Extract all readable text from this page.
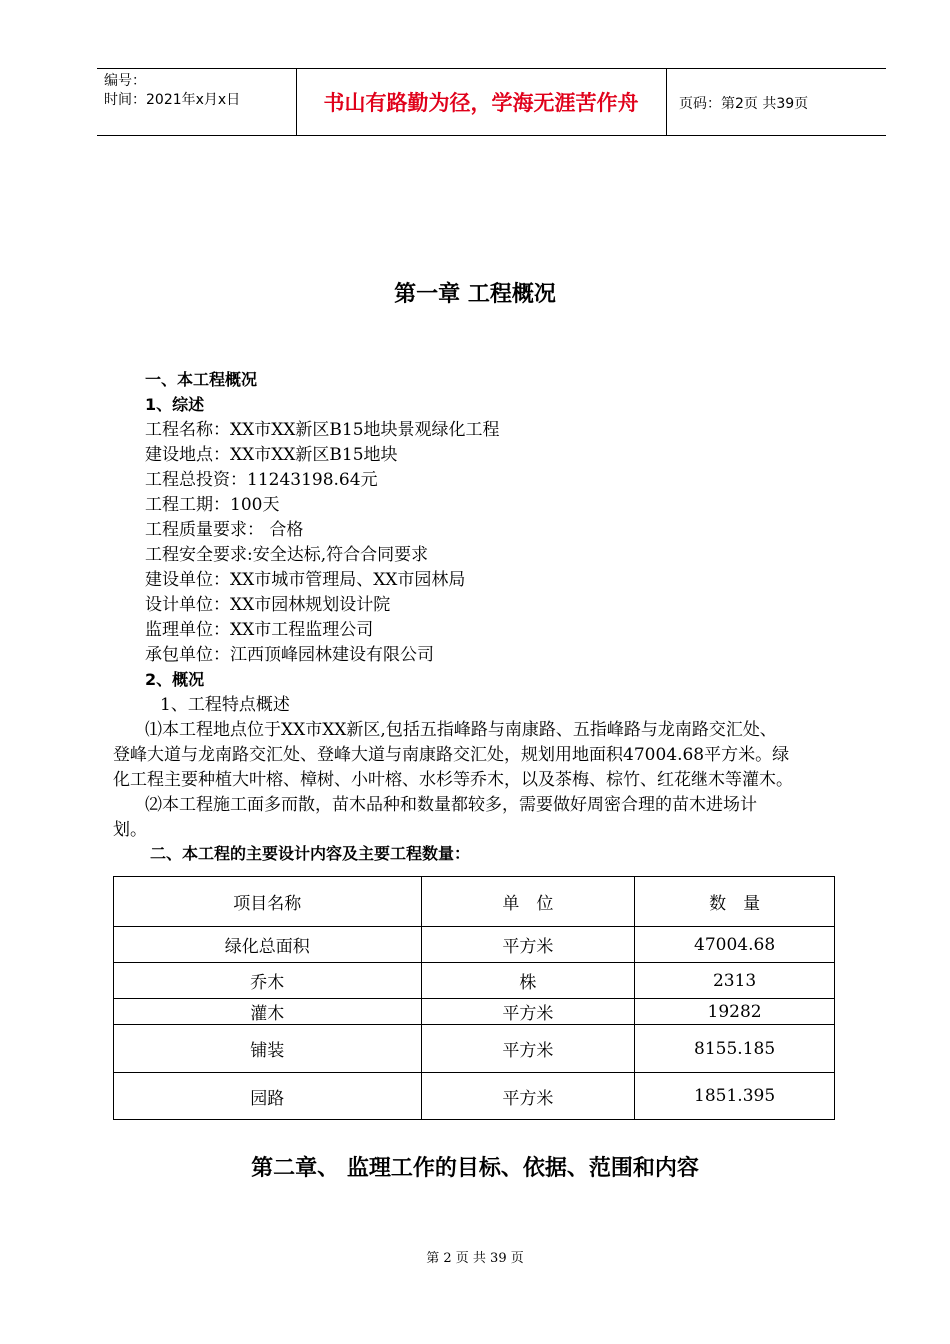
编号：
时间：2021年x月x日	书山有路勤为径，学海无涯苦作舟	页码：第2页 共39页
第一章 工程概况
一、本工程概况
1、综述
工程名称：XX市XX新区B15地块景观绿化工程
建设地点：XX市XX新区B15地块
工程总投资：11243198.64元
工程工期：100天
工程质量要求： 合格
工程安全要求:安全达标,符合合同要求
建设单位：XX市城市管理局、XX市园林局
设计单位：XX市园林规划设计院
监理单位：XX市工程监理公司
承包单位：江西顶峰园林建设有限公司
2、概况
1、工程特点概述
⑴本工程地点位于XX市XX新区,包括五指峰路与南康路、五指峰路与龙南路交汇处、
登峰大道与龙南路交汇处、登峰大道与南康路交汇处，规划用地面积47004.68平方米。绿
化工程主要种植大叶榕、樟树、小叶榕、水杉等乔木，以及茶梅、棕竹、红花继木等灌木。
⑵本工程施工面多而散，苗木品种和数量都较多，需要做好周密合理的苗木进场计
划。
二、本工程的主要设计内容及主要工程数量：
项目名称	单　位	数　量
绿化总面积	平方米	47004.68
乔木	株	2313
灌木	平方米	19282
铺装	平方米	8155.185
园路	平方米	1851.395
第二章、 监理工作的目标、依据、范围和内容
第 2 页 共 39 页
